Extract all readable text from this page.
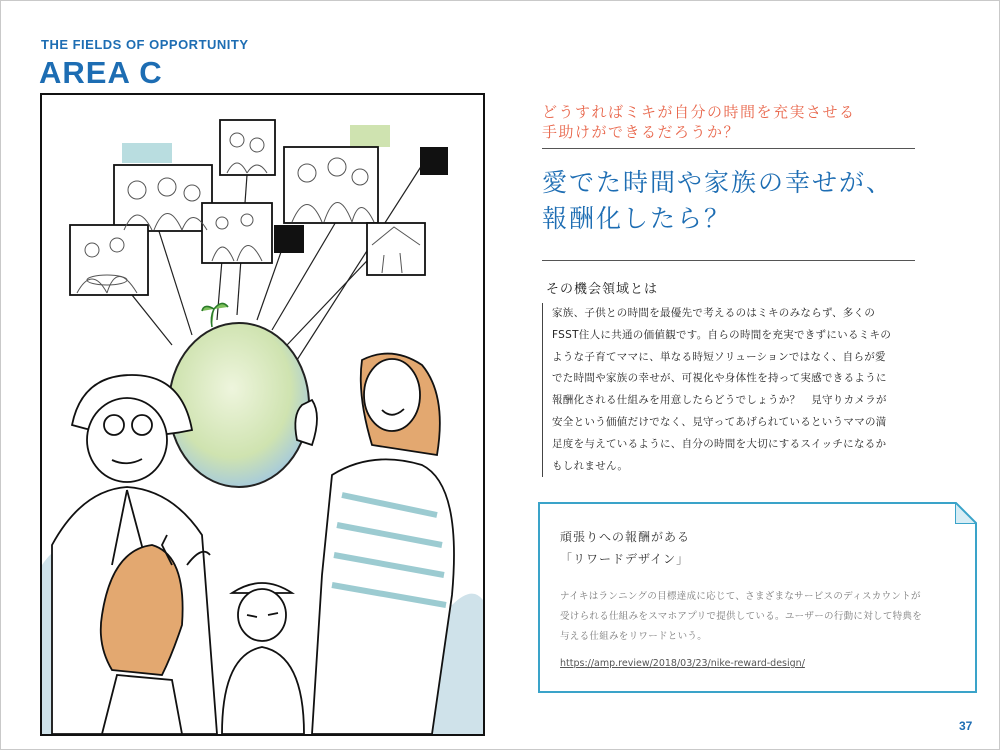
THE FIELDS OF OPPORTUNITY
AREA C
どうすればミキが自分の時間を充実させる
手助けができるだろうか？
愛でた時間や家族の幸せが、
報酬化したら？
その機会領域とは

家族、子供との時間を最優先で考えるのはミキのみならず、多くの

FSST住人に共通の価値観です。自らの時間を充実できずにいるミキの

ような子育てママに、単なる時短ソリューションではなく、自らが愛

でた時間や家族の幸せが、可視化や身体性を持って実感できるように

報酬化される仕組みを用意したらどうでしょうか？　見守りカメラが

安全という価値だけでなく、見守ってあげられているというママの満

足度を与えているように、自分の時間を大切にするスイッチになるか

もしれません。

頑張りへの報酬がある
「リワードデザイン」
ナイキはランニングの目標達成に応じて、さまざまなサービスのディスカウントが
受けられる仕組みをスマホアプリで提供している。ユーザーの行動に対して特典を
与える仕組みをリワードという。
https://amp.review/2018/03/23/nike-reward-design/
37
